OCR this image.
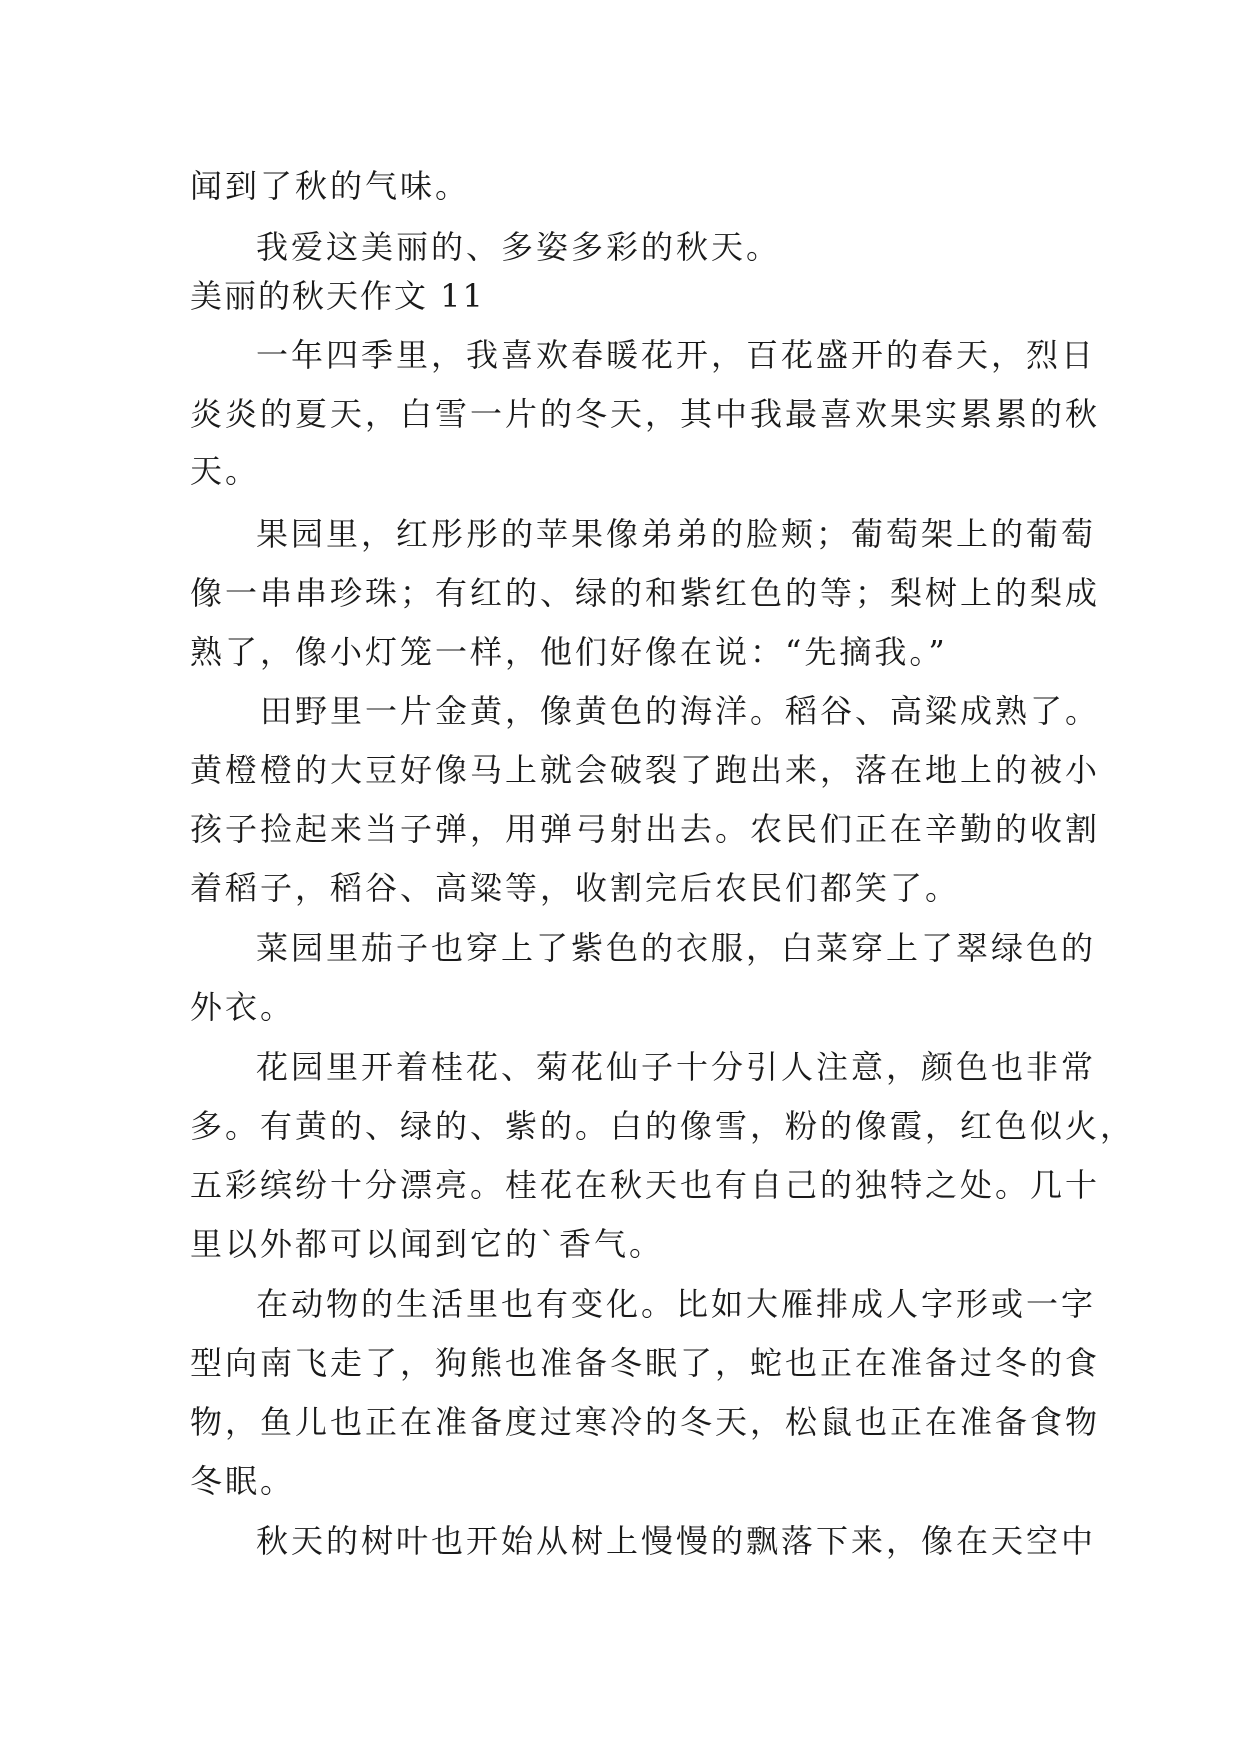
闻到了秋的气味。
我爱这美丽的、多姿多彩的秋天。
美丽的秋天作文 11
一年四季里，我喜欢春暖花开，百花盛开的春天，烈日
炎炎的夏天，白雪一片的冬天，其中我最喜欢果实累累的秋
天。
果园里，红彤彤的苹果像弟弟的脸颊；葡萄架上的葡萄
像一串串珍珠；有红的、绿的和紫红色的等；梨树上的梨成
熟了，像小灯笼一样，他们好像在说：“先摘我。”
田野里一片金黄，像黄色的海洋。稻谷、高粱成熟了。
黄橙橙的大豆好像马上就会破裂了跑出来，落在地上的被小
孩子捡起来当子弹，用弹弓射出去。农民们正在辛勤的收割
着稻子，稻谷、高粱等，收割完后农民们都笑了。
菜园里茄子也穿上了紫色的衣服，白菜穿上了翠绿色的
外衣。
花园里开着桂花、菊花仙子十分引人注意，颜色也非常
多。有黄的、绿的、紫的。白的像雪，粉的像霞，红色似火，
五彩缤纷十分漂亮。桂花在秋天也有自己的独特之处。几十
里以外都可以闻到它的`香气。
在动物的生活里也有变化。比如大雁排成人字形或一字
型向南飞走了，狗熊也准备冬眠了，蛇也正在准备过冬的食
物，鱼儿也正在准备度过寒冷的冬天，松鼠也正在准备食物
冬眠。
秋天的树叶也开始从树上慢慢的飘落下来，像在天空中
